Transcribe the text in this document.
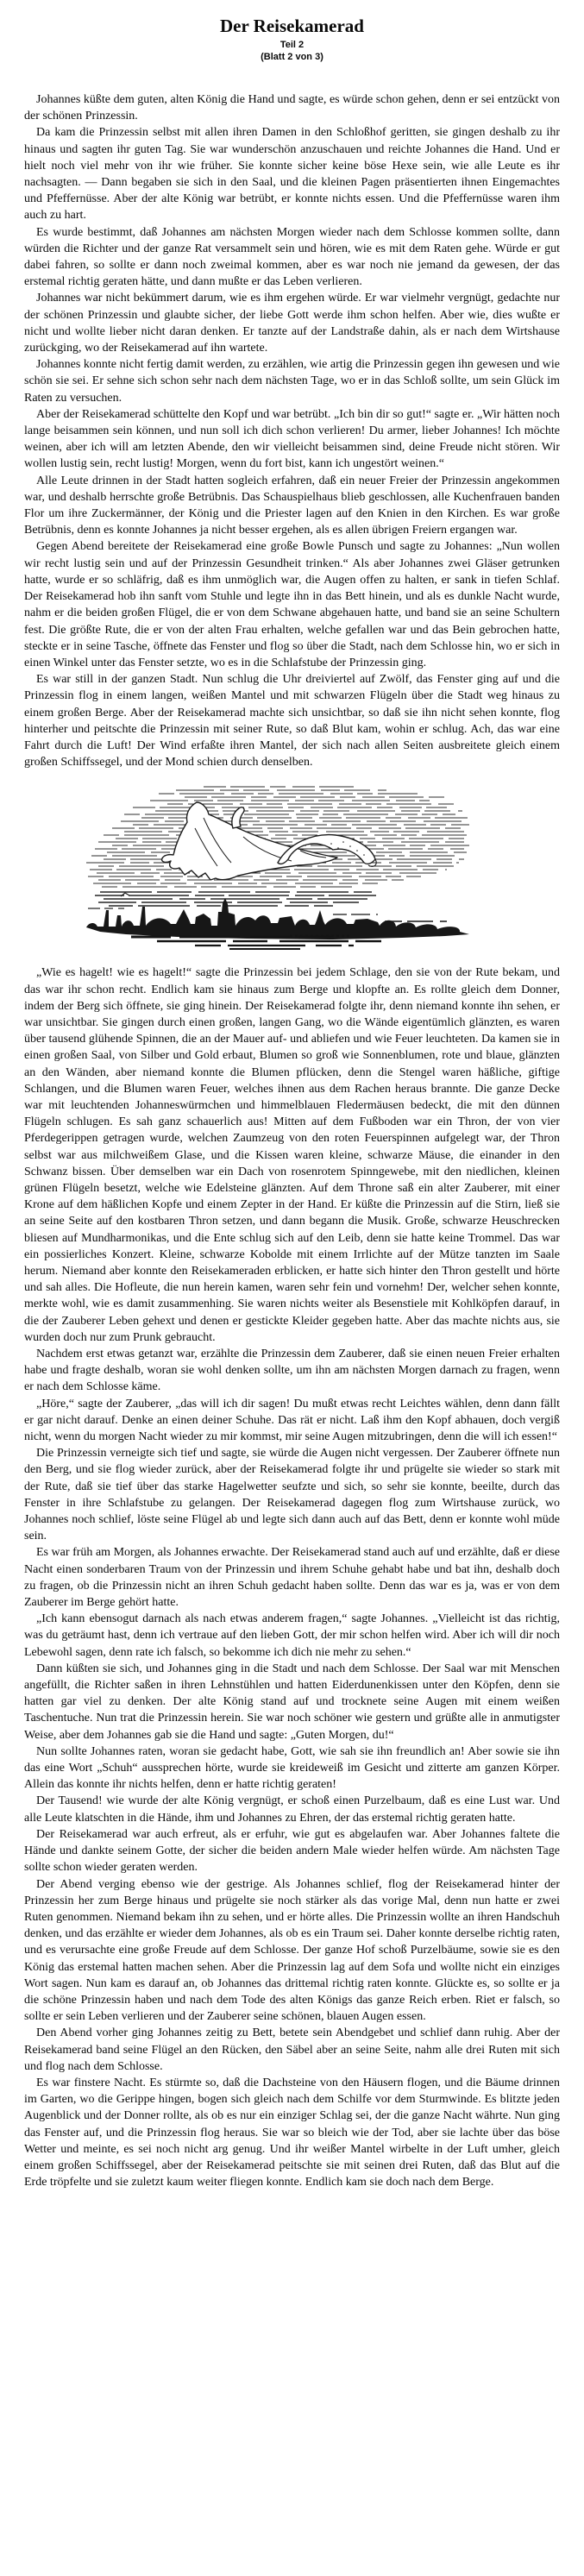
Der Reisekamerad
Teil 2
(Blatt 2 von 3)

Johannes küßte dem guten, alten König die Hand und sagte, es würde schon gehen, denn er sei entzückt von der schönen Prinzessin.

Da kam die Prinzessin selbst mit allen ihren Damen in den Schloßhof geritten, sie gingen deshalb zu ihr hinaus und sagten ihr guten Tag. Sie war wunderschön anzuschauen und reichte Johannes die Hand. Und er hielt noch viel mehr von ihr wie früher. Sie konnte sicher keine böse Hexe sein, wie alle Leute es ihr nachsagten. — Dann begaben sie sich in den Saal, und die kleinen Pagen präsentierten ihnen Eingemachtes und Pfeffernüsse. Aber der alte König war betrübt, er konnte nichts essen. Und die Pfeffernüsse waren ihm auch zu hart.

Es wurde bestimmt, daß Johannes am nächsten Morgen wieder nach dem Schlosse kommen sollte, dann würden die Richter und der ganze Rat versammelt sein und hören, wie es mit dem Raten gehe. Würde er gut dabei fahren, so sollte er dann noch zweimal kommen, aber es war noch nie jemand da gewesen, der das erstemal richtig geraten hätte, und dann mußte er das Leben verlieren.

Johannes war nicht bekümmert darum, wie es ihm ergehen würde. Er war vielmehr vergnügt, gedachte nur der schönen Prinzessin und glaubte sicher, der liebe Gott werde ihm schon helfen. Aber wie, dies wußte er nicht und wollte lieber nicht daran denken. Er tanzte auf der Landstraße dahin, als er nach dem Wirtshause zurückging, wo der Reisekamerad auf ihn wartete.

Johannes konnte nicht fertig damit werden, zu erzählen, wie artig die Prinzessin gegen ihn gewesen und wie schön sie sei. Er sehne sich schon sehr nach dem nächsten Tage, wo er in das Schloß sollte, um sein Glück im Raten zu versuchen.

Aber der Reisekamerad schüttelte den Kopf und war betrübt. „Ich bin dir so gut!“ sagte er. „Wir hätten noch lange beisammen sein können, und nun soll ich dich schon verlieren! Du armer, lieber Johannes! Ich möchte weinen, aber ich will am letzten Abende, den wir vielleicht beisammen sind, deine Freude nicht stören. Wir wollen lustig sein, recht lustig! Morgen, wenn du fort bist, kann ich ungestört weinen.“

Alle Leute drinnen in der Stadt hatten sogleich erfahren, daß ein neuer Freier der Prinzessin angekommen war, und deshalb herrschte große Betrübnis. Das Schauspielhaus blieb geschlossen, alle Kuchenfrauen banden Flor um ihre Zuckermänner, der König und die Priester lagen auf den Knien in den Kirchen. Es war große Betrübnis, denn es konnte Johannes ja nicht besser ergehen, als es allen übrigen Freiern ergangen war.

Gegen Abend bereitete der Reisekamerad eine große Bowle Punsch und sagte zu Johannes: „Nun wollen wir recht lustig sein und auf der Prinzessin Gesundheit trinken.“ Als aber Johannes zwei Gläser getrunken hatte, wurde er so schläfrig, daß es ihm unmöglich war, die Augen offen zu halten, er sank in tiefen Schlaf. Der Reisekamerad hob ihn sanft vom Stuhle und legte ihn in das Bett hinein, und als es dunkle Nacht wurde, nahm er die beiden großen Flügel, die er von dem Schwane abgehauen hatte, und band sie an seine Schultern fest. Die größte Rute, die er von der alten Frau erhalten, welche gefallen war und das Bein gebrochen hatte, steckte er in seine Tasche, öffnete das Fenster und flog so über die Stadt, nach dem Schlosse hin, wo er sich in einen Winkel unter das Fenster setzte, wo es in die Schlafstube der Prinzessin ging.

Es war still in der ganzen Stadt. Nun schlug die Uhr dreiviertel auf Zwölf, das Fenster ging auf und die Prinzessin flog in einem langen, weißen Mantel und mit schwarzen Flügeln über die Stadt weg hinaus zu einem großen Berge. Aber der Reisekamerad machte sich unsichtbar, so daß sie ihn nicht sehen konnte, flog hinterher und peitschte die Prinzessin mit seiner Rute, so daß Blut kam, wohin er schlug. Ach, das war eine Fahrt durch die Luft! Der Wind erfaßte ihren Mantel, der sich nach allen Seiten ausbreitete gleich einem großen Schiffssegel, und der Mond schien durch denselben.

„Wie es hagelt! wie es hagelt!“ sagte die Prinzessin bei jedem Schlage, den sie von der Rute bekam, und das war ihr schon recht. Endlich kam sie hinaus zum Berge und klopfte an. Es rollte gleich dem Donner, indem der Berg sich öffnete, sie ging hinein. Der Reisekamerad folgte ihr, denn niemand konnte ihn sehen, er war unsichtbar. Sie gingen durch einen großen, langen Gang, wo die Wände eigentümlich glänzten, es waren über tausend glühende Spinnen, die an der Mauer auf- und abliefen und wie Feuer leuchteten. Da kamen sie in einen großen Saal, von Silber und Gold erbaut, Blumen so groß wie Sonnenblumen, rote und blaue, glänzten an den Wänden, aber niemand konnte die Blumen pflücken, denn die Stengel waren häßliche, giftige Schlangen, und die Blumen waren Feuer, welches ihnen aus dem Rachen heraus brannte. Die ganze Decke war mit leuchtenden Johanneswürmchen und himmelblauen Fledermäusen bedeckt, die mit den dünnen Flügeln schlugen. Es sah ganz schauerlich aus! Mitten auf dem Fußboden war ein Thron, der von vier Pferdegerippen getragen wurde, welchen Zaumzeug von den roten Feuerspinnen aufgelegt war, der Thron selbst war aus milchweißem Glase, und die Kissen waren kleine, schwarze Mäuse, die einander in den Schwanz bissen. Über demselben war ein Dach von rosenrotem Spinngewebe, mit den niedlichen, kleinen grünen Flügeln besetzt, welche wie Edelsteine glänzten. Auf dem Throne saß ein alter Zauberer, mit einer Krone auf dem häßlichen Kopfe und einem Zepter in der Hand. Er küßte die Prinzessin auf die Stirn, ließ sie an seine Seite auf den kostbaren Thron setzen, und dann begann die Musik. Große, schwarze Heuschrecken bliesen auf Mundharmonikas, und die Ente schlug sich auf den Leib, denn sie hatte keine Trommel. Das war ein possierliches Konzert. Kleine, schwarze Kobolde mit einem Irrlichte auf der Mütze tanzten im Saale herum. Niemand aber konnte den Reisekameraden erblicken, er hatte sich hinter den Thron gestellt und hörte und sah alles. Die Hofleute, die nun herein kamen, waren sehr fein und vornehm! Der, welcher sehen konnte, merkte wohl, wie es damit zusammenhing. Sie waren nichts weiter als Besenstiele mit Kohlköpfen darauf, in die der Zauberer Leben gehext und denen er gestickte Kleider gegeben hatte. Aber das machte nichts aus, sie wurden doch nur zum Prunk gebraucht.

Nachdem erst etwas getanzt war, erzählte die Prinzessin dem Zauberer, daß sie einen neuen Freier erhalten habe und fragte deshalb, woran sie wohl denken sollte, um ihn am nächsten Morgen darnach zu fragen, wenn er nach dem Schlosse käme.

„Höre,“ sagte der Zauberer, „das will ich dir sagen! Du mußt etwas recht Leichtes wählen, denn dann fällt er gar nicht darauf. Denke an einen deiner Schuhe. Das rät er nicht. Laß ihm den Kopf abhauen, doch vergiß nicht, wenn du morgen Nacht wieder zu mir kommst, mir seine Augen mitzubringen, denn die will ich essen!“

Die Prinzessin verneigte sich tief und sagte, sie würde die Augen nicht vergessen. Der Zauberer öffnete nun den Berg, und sie flog wieder zurück, aber der Reisekamerad folgte ihr und prügelte sie wieder so stark mit der Rute, daß sie tief über das starke Hagelwetter seufzte und sich, so sehr sie konnte, beeilte, durch das Fenster in ihre Schlafstube zu gelangen. Der Reisekamerad dagegen flog zum Wirtshause zurück, wo Johannes noch schlief, löste seine Flügel ab und legte sich dann auch auf das Bett, denn er konnte wohl müde sein.

Es war früh am Morgen, als Johannes erwachte. Der Reisekamerad stand auch auf und erzählte, daß er diese Nacht einen sonderbaren Traum von der Prinzessin und ihrem Schuhe gehabt habe und bat ihn, deshalb doch zu fragen, ob die Prinzessin nicht an ihren Schuh gedacht haben sollte. Denn das war es ja, was er von dem Zauberer im Berge gehört hatte.

„Ich kann ebensogut darnach als nach etwas anderem fragen,“ sagte Johannes. „Vielleicht ist das richtig, was du geträumt hast, denn ich vertraue auf den lieben Gott, der mir schon helfen wird. Aber ich will dir noch Lebewohl sagen, denn rate ich falsch, so bekomme ich dich nie mehr zu sehen.“

Dann küßten sie sich, und Johannes ging in die Stadt und nach dem Schlosse. Der Saal war mit Menschen angefüllt, die Richter saßen in ihren Lehnstühlen und hatten Eiderdunenkissen unter den Köpfen, denn sie hatten gar viel zu denken. Der alte König stand auf und trocknete seine Augen mit einem weißen Taschentuche. Nun trat die Prinzessin herein. Sie war noch schöner wie gestern und grüßte alle in anmutigster Weise, aber dem Johannes gab sie die Hand und sagte: „Guten Morgen, du!“

Nun sollte Johannes raten, woran sie gedacht habe, Gott, wie sah sie ihn freundlich an! Aber sowie sie ihn das eine Wort „Schuh“ aussprechen hörte, wurde sie kreideweiß im Gesicht und zitterte am ganzen Körper. Allein das konnte ihr nichts helfen, denn er hatte richtig geraten!

Der Tausend! wie wurde der alte König vergnügt, er schoß einen Purzelbaum, daß es eine Lust war. Und alle Leute klatschten in die Hände, ihm und Johannes zu Ehren, der das erstemal richtig geraten hatte.

Der Reisekamerad war auch erfreut, als er erfuhr, wie gut es abgelaufen war. Aber Johannes faltete die Hände und dankte seinem Gotte, der sicher die beiden andern Male wieder helfen würde. Am nächsten Tage sollte schon wieder geraten werden.

Der Abend verging ebenso wie der gestrige. Als Johannes schlief, flog der Reisekamerad hinter der Prinzessin her zum Berge hinaus und prügelte sie noch stärker als das vorige Mal, denn nun hatte er zwei Ruten genommen. Niemand bekam ihn zu sehen, und er hörte alles. Die Prinzessin wollte an ihren Handschuh denken, und das erzählte er wieder dem Johannes, als ob es ein Traum sei. Daher konnte derselbe richtig raten, und es verursachte eine große Freude auf dem Schlosse. Der ganze Hof schoß Purzelbäume, sowie sie es den König das erstemal hatten machen sehen. Aber die Prinzessin lag auf dem Sofa und wollte nicht ein einziges Wort sagen. Nun kam es darauf an, ob Johannes das drittemal richtig raten konnte. Glückte es, so sollte er ja die schöne Prinzessin haben und nach dem Tode des alten Königs das ganze Reich erben. Riet er falsch, so sollte er sein Leben verlieren und der Zauberer seine schönen, blauen Augen essen.

Den Abend vorher ging Johannes zeitig zu Bett, betete sein Abendgebet und schlief dann ruhig. Aber der Reisekamerad band seine Flügel an den Rücken, den Säbel aber an seine Seite, nahm alle drei Ruten mit sich und flog nach dem Schlosse.

Es war finstere Nacht. Es stürmte so, daß die Dachsteine von den Häusern flogen, und die Bäume drinnen im Garten, wo die Gerippe hingen, bogen sich gleich nach dem Schilfe vor dem Sturmwinde. Es blitzte jeden Augenblick und der Donner rollte, als ob es nur ein einziger Schlag sei, der die ganze Nacht währte. Nun ging das Fenster auf, und die Prinzessin flog heraus. Sie war so bleich wie der Tod, aber sie lachte über das böse Wetter und meinte, es sei noch nicht arg genug. Und ihr weißer Mantel wirbelte in der Luft umher, gleich einem großen Schiffssegel, aber der Reisekamerad peitschte sie mit seinen drei Ruten, daß das Blut auf die Erde tröpfelte und sie zuletzt kaum weiter fliegen konnte. Endlich kam sie doch nach dem Berge.
